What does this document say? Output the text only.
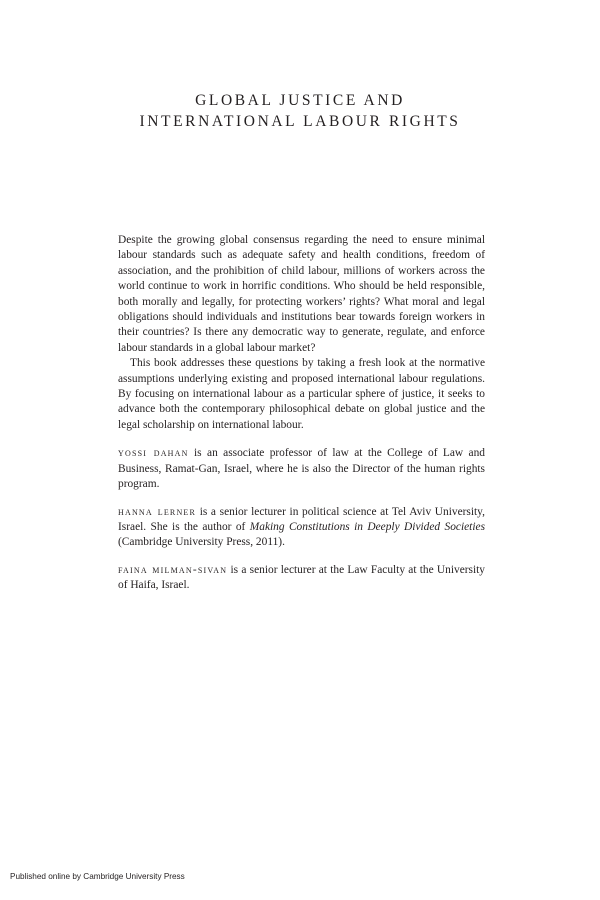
GLOBAL JUSTICE AND
INTERNATIONAL LABOUR RIGHTS

Despite the growing global consensus regarding the need to ensure minimal labour standards such as adequate safety and health conditions, freedom of association, and the prohibition of child labour, millions of workers across the world continue to work in horrific conditions. Who should be held responsible, both morally and legally, for protecting workers’ rights? What moral and legal obligations should individuals and institutions bear towards foreign workers in their countries? Is there any democratic way to generate, regulate, and enforce labour standards in a global labour market?

This book addresses these questions by taking a fresh look at the normative assumptions underlying existing and proposed international labour regulations. By focusing on international labour as a particular sphere of justice, it seeks to advance both the contemporary philosophical debate on global justice and the legal scholarship on international labour.

yossi dahan is an associate professor of law at the College of Law and Business, Ramat-Gan, Israel, where he is also the Director of the human rights program.

hanna lerner is a senior lecturer in political science at Tel Aviv University, Israel. She is the author of Making Constitutions in Deeply Divided Societies (Cambridge University Press, 2011).

faina milman-sivan is a senior lecturer at the Law Faculty at the University of Haifa, Israel.

Published online by Cambridge University Press
